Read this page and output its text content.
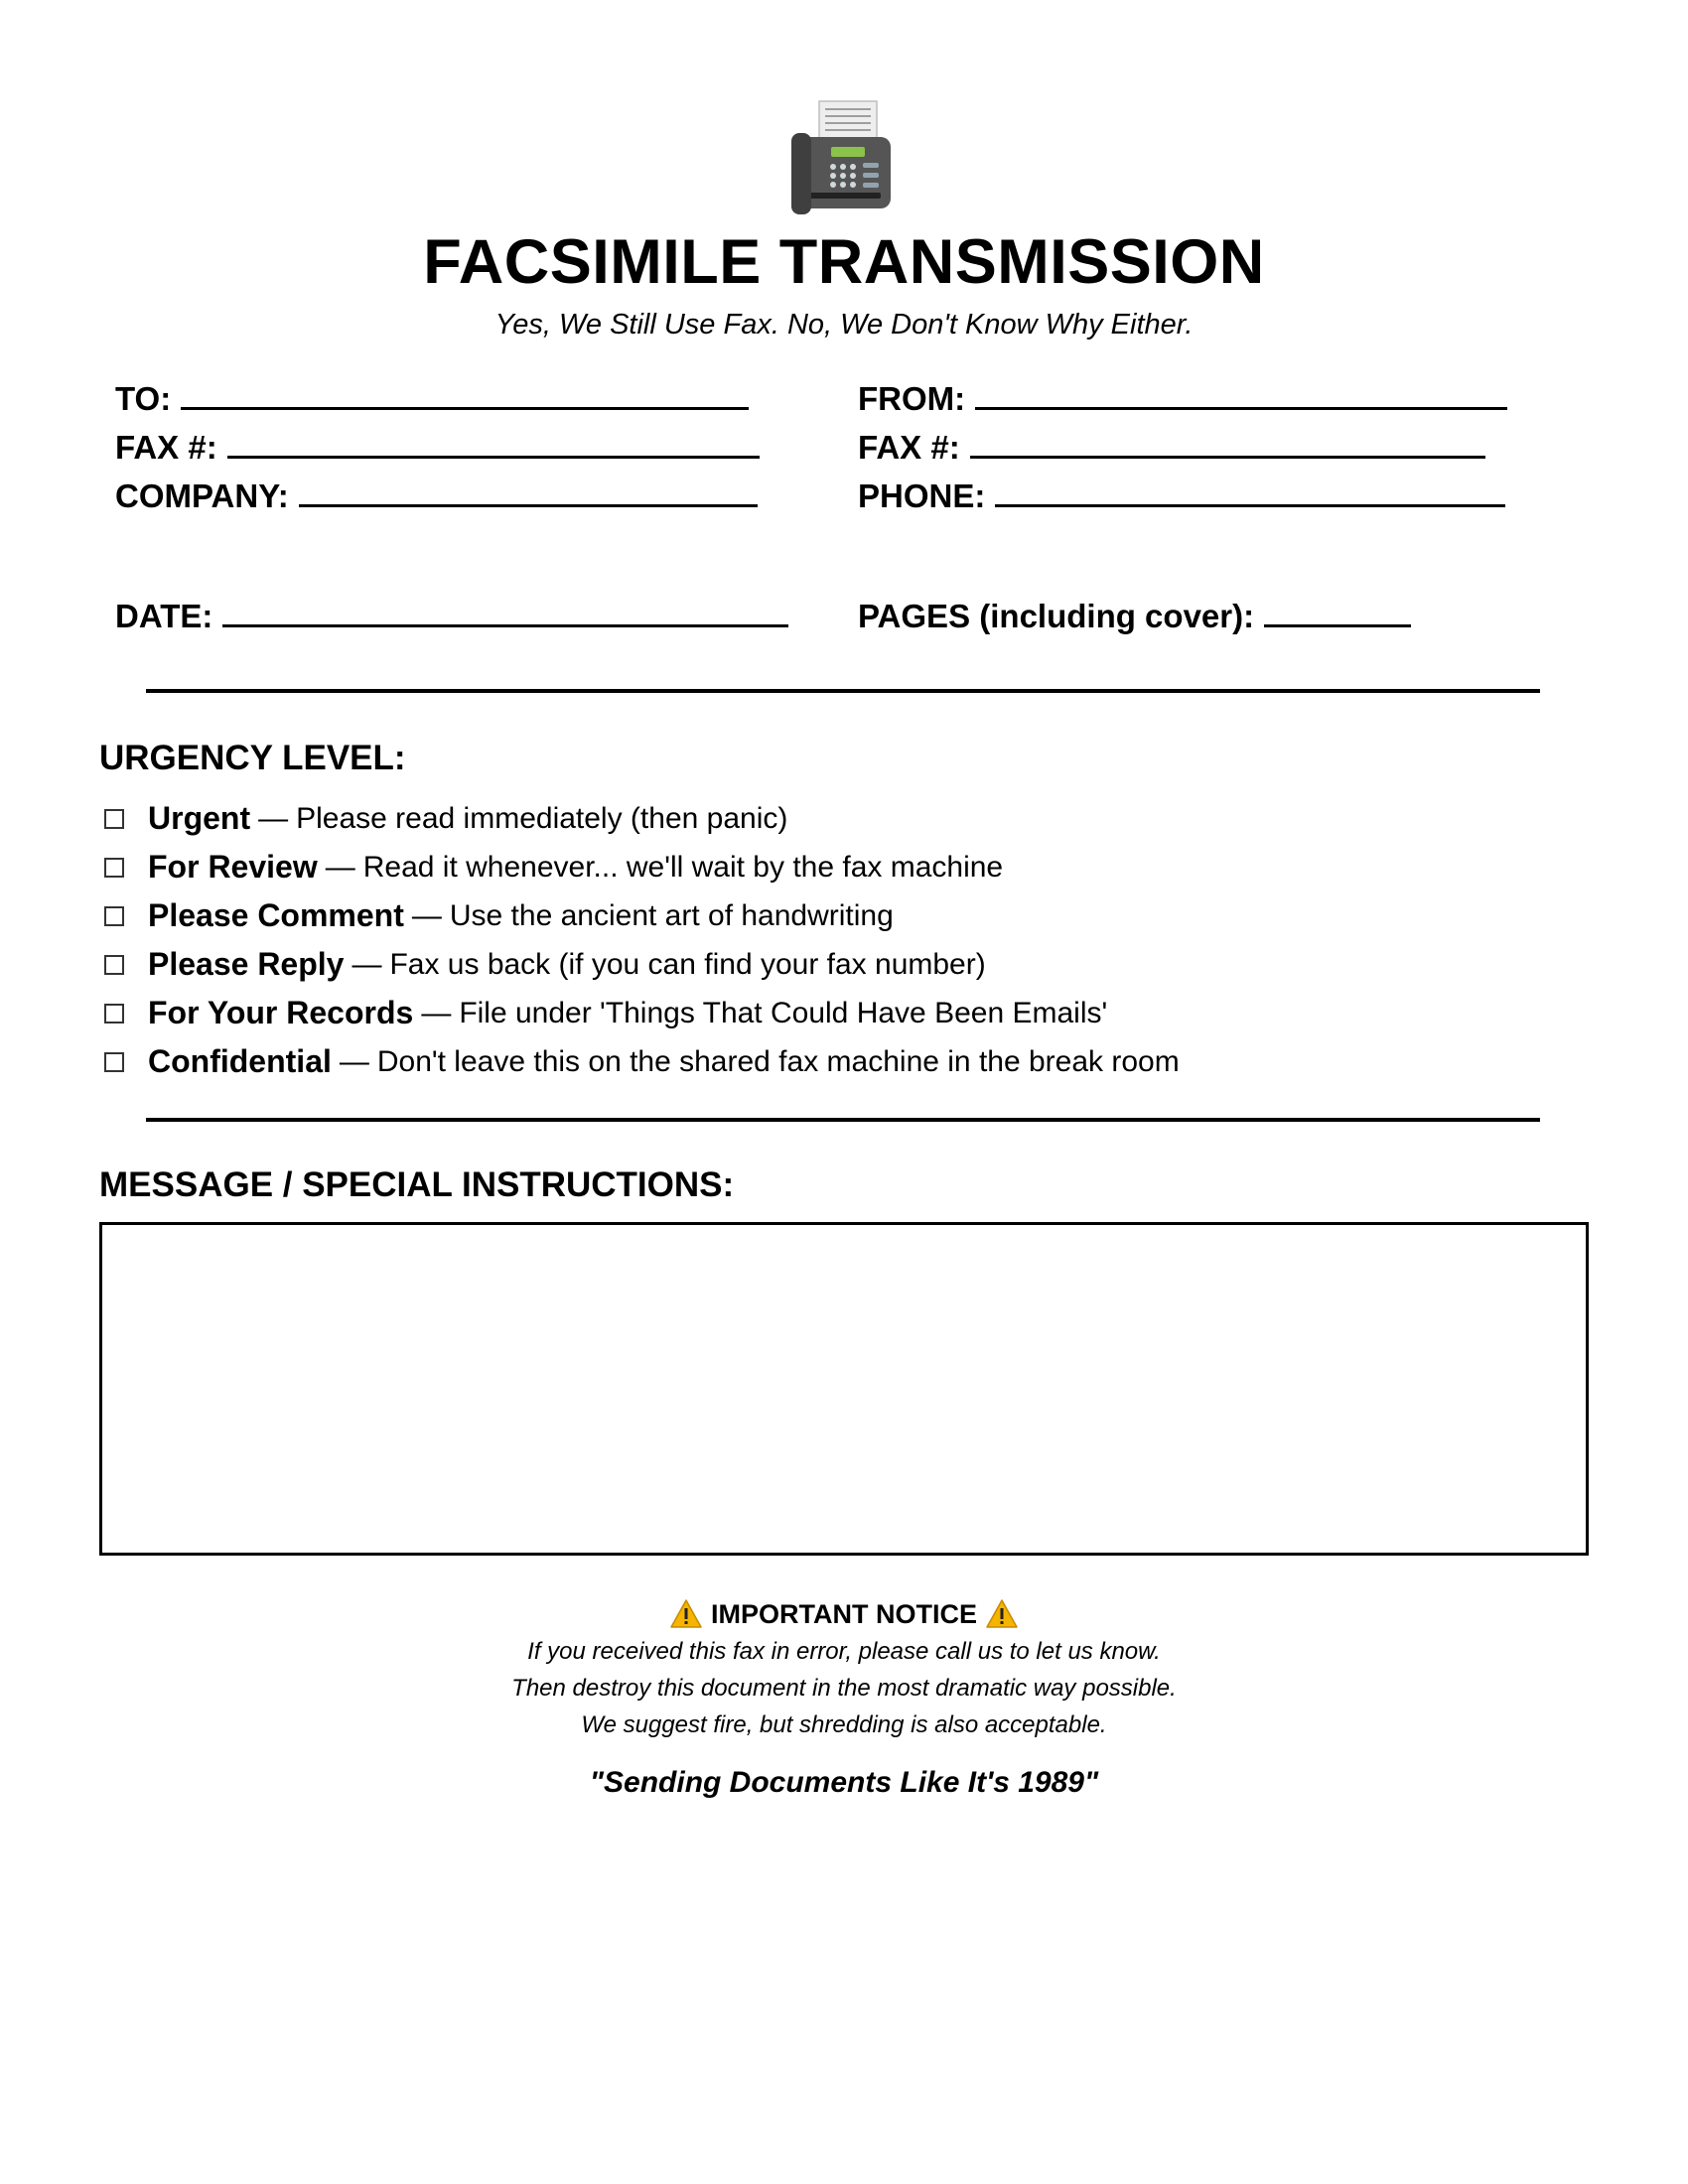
FACSIMILE TRANSMISSION
Yes, We Still Use Fax. No, We Don't Know Why Either.
TO:
FAX #:
COMPANY:
DATE:
FROM:
FAX #:
PHONE:
PAGES (including cover):
URGENCY LEVEL:
Urgent — Please read immediately (then panic)
For Review — Read it whenever... we'll wait by the fax machine
Please Comment — Use the ancient art of handwriting
Please Reply — Fax us back (if you can find your fax number)
For Your Records — File under 'Things That Could Have Been Emails'
Confidential — Don't leave this on the shared fax machine in the break room
MESSAGE / SPECIAL INSTRUCTIONS:
IMPORTANT NOTICE
If you received this fax in error, please call us to let us know.
Then destroy this document in the most dramatic way possible.
We suggest fire, but shredding is also acceptable.
"Sending Documents Like It's 1989"
